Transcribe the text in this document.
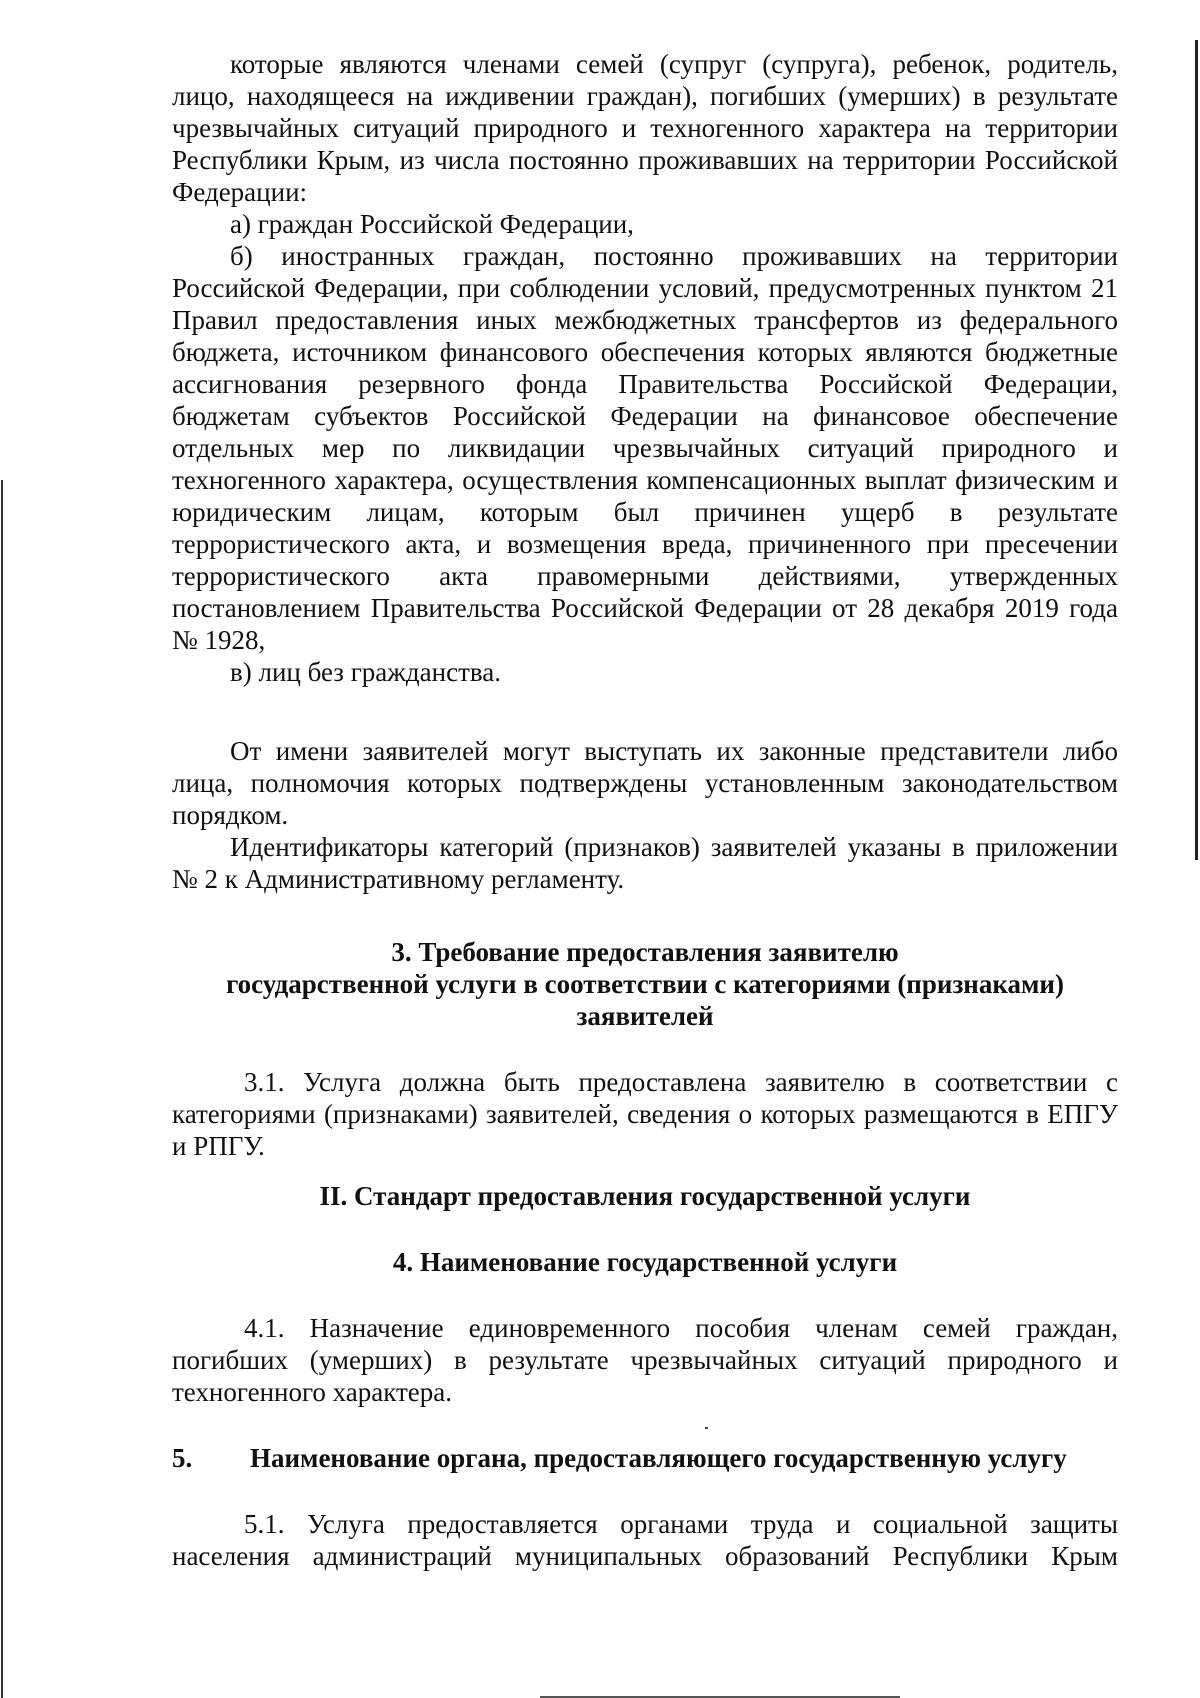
которые являются членами семей (супруг (супруга), ребенок, родитель, лицо, находящееся на иждивении граждан), погибших (умерших) в результате чрезвычайных ситуаций природного и техногенного характера на территории Республики Крым, из числа постоянно проживавших на территории Российской Федерации:

а) граждан Российской Федерации,

б) иностранных граждан, постоянно проживавших на территории Российской Федерации, при соблюдении условий, предусмотренных пунктом 21 Правил предоставления иных межбюджетных трансфертов из федерального бюджета, источником финансового обеспечения которых являются бюджетные ассигнования резервного фонда Правительства Российской Федерации, бюджетам субъектов Российской Федерации на финансовое обеспечение отдельных мер по ликвидации чрезвычайных ситуаций природного и техногенного характера, осуществления компенсационных выплат физическим и юридическим лицам, которым был причинен ущерб в результате террористического акта, и возмещения вреда, причиненного при пресечении террористического акта правомерными действиями, утвержденных постановлением Правительства Российской Федерации от 28 декабря 2019 года № 1928,

в) лиц без гражданства.

От имени заявителей могут выступать их законные представители либо лица, полномочия которых подтверждены установленным законодательством порядком.

Идентификаторы категорий (признаков) заявителей указаны в приложении № 2 к Административному регламенту.

3. Требование предоставления заявителю

государственной услуги в соответствии с категориями (признаками)

заявителей

3.1. Услуга должна быть предоставлена заявителю в соответствии с категориями (признаками) заявителей, сведения о которых размещаются в ЕПГУ и РПГУ.

II. Стандарт предоставления государственной услуги

4. Наименование государственной услуги

4.1. Назначение единовременного пособия членам семей граждан, погибших (умерших) в результате чрезвычайных ситуаций природного и техногенного характера.

5. Наименование органа, предоставляющего государственную услугу

5.1. Услуга предоставляется органами труда и социальной защиты населения администраций муниципальных образований Республики Крым
